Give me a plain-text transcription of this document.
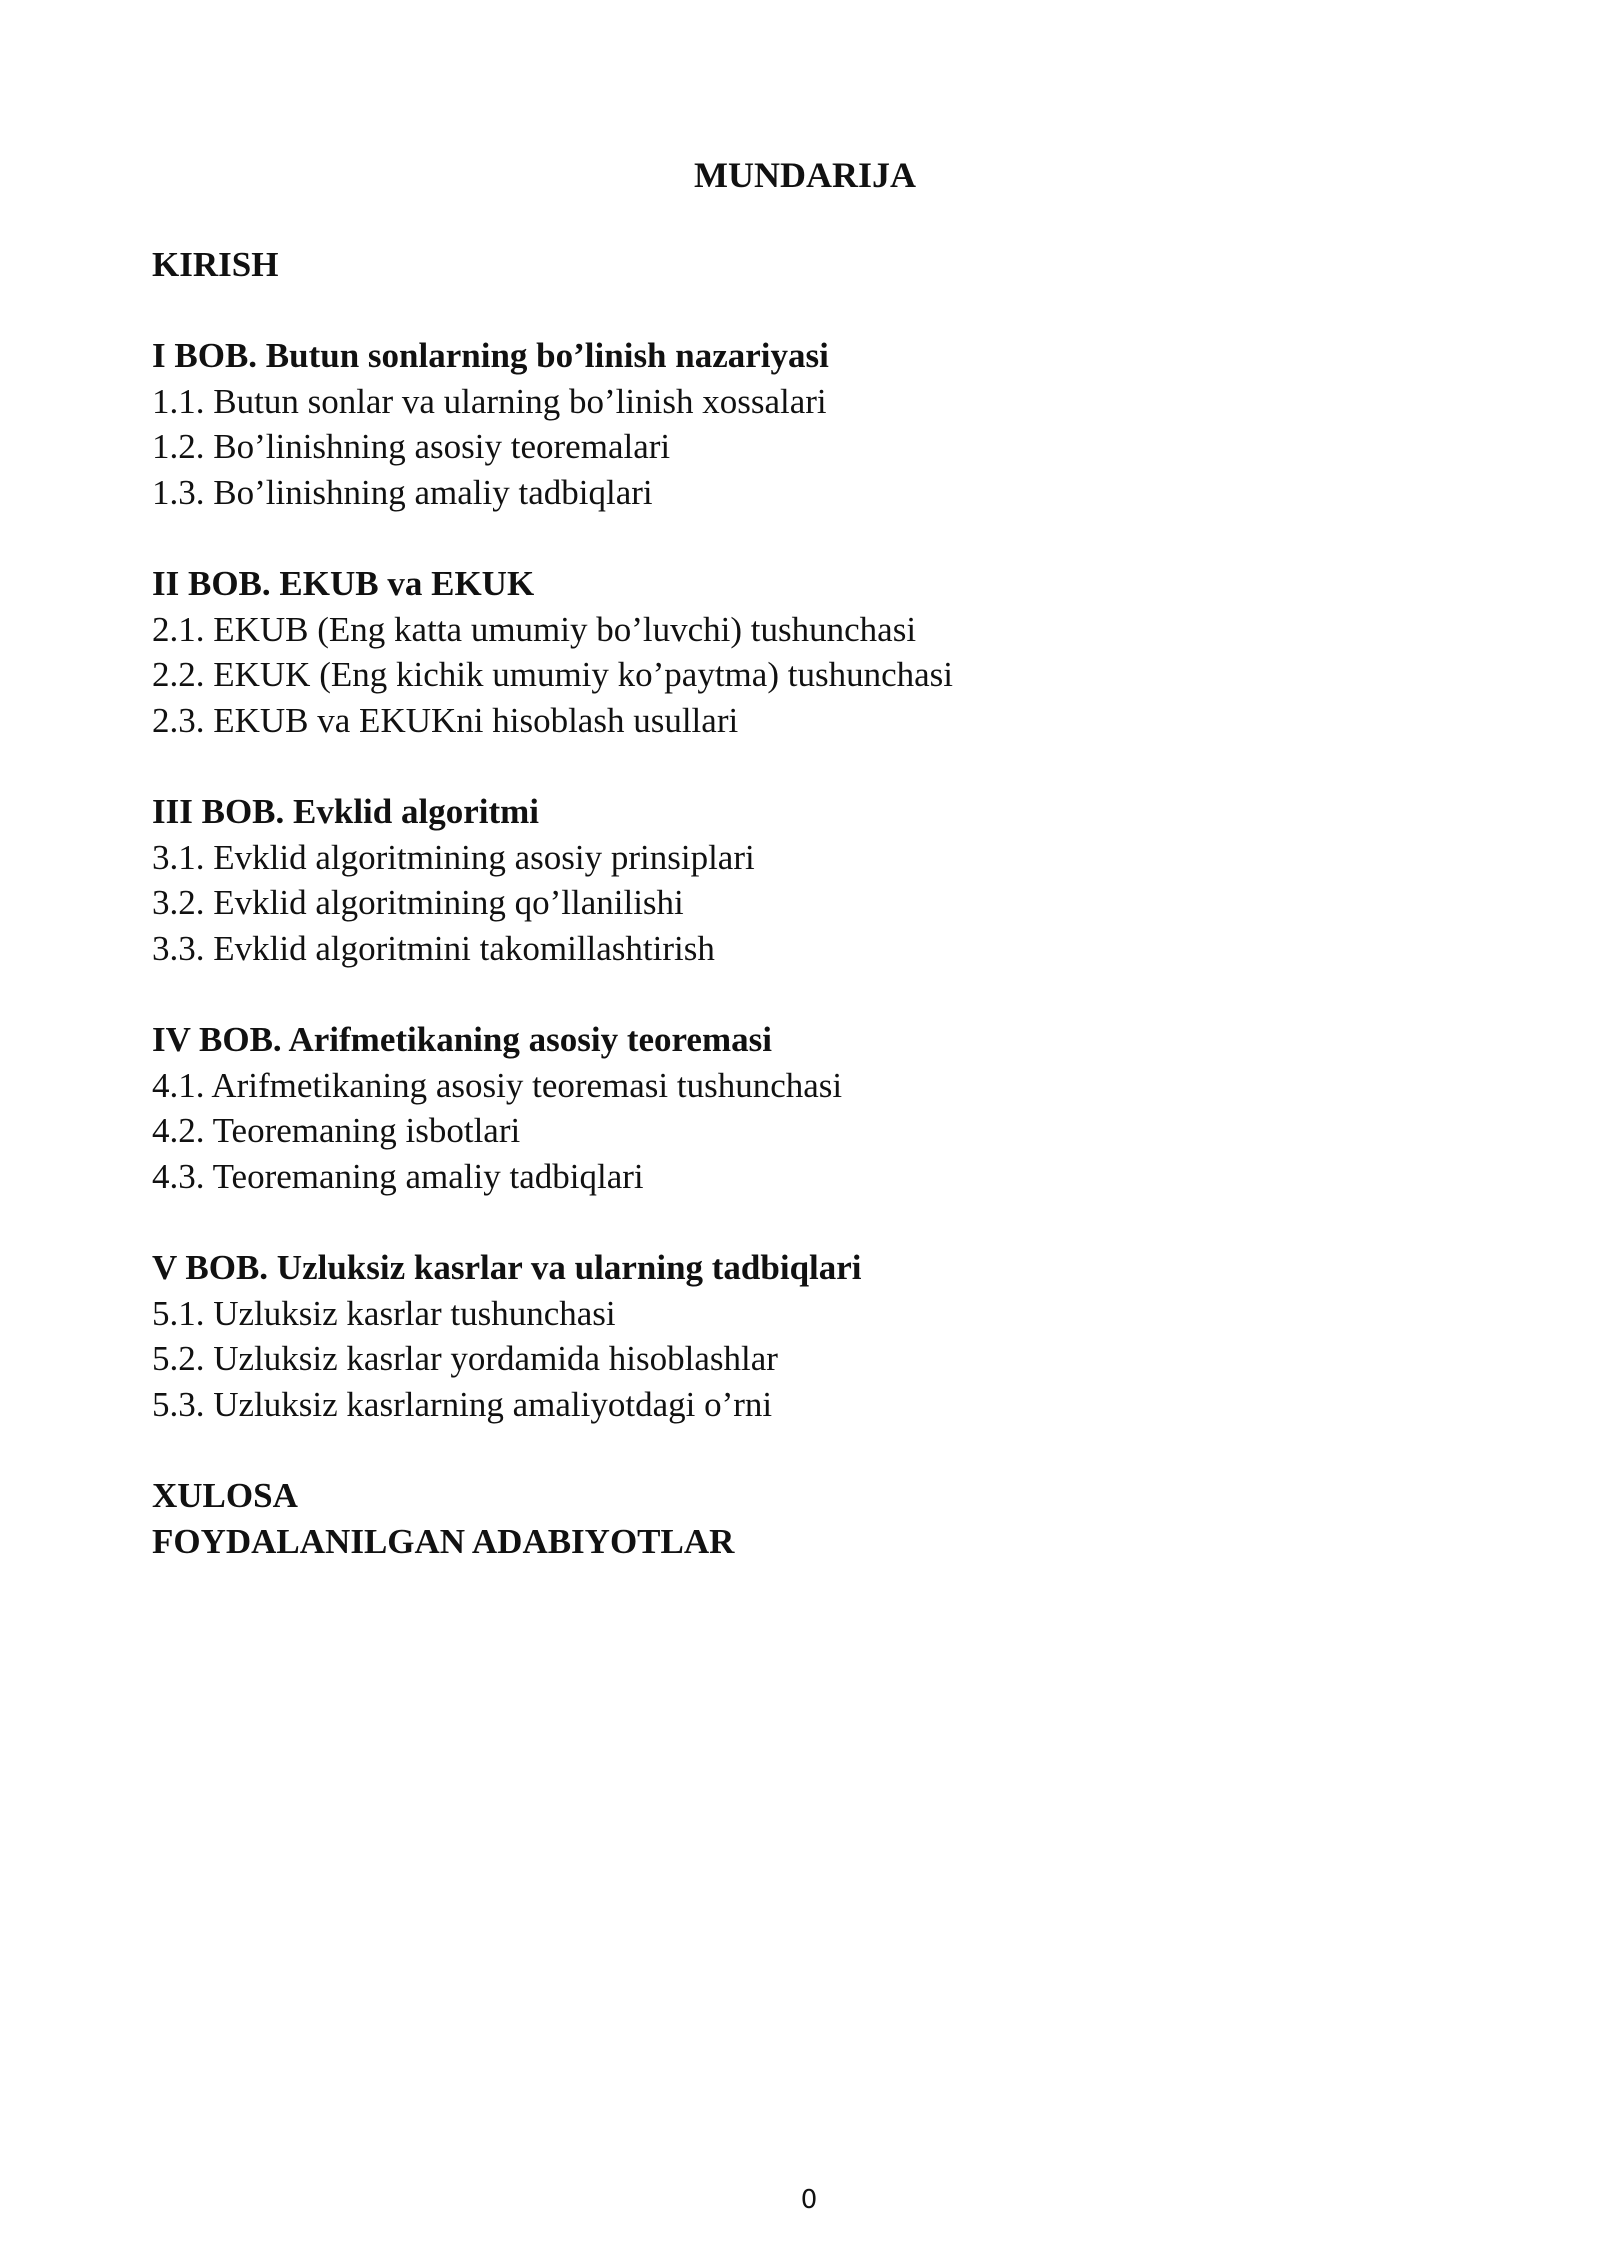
MUNDARIJA
KIRISH
I BOB. Butun sonlarning bo’linish nazariyasi
1.1. Butun sonlar va ularning bo’linish xossalari
1.2. Bo’linishning asosiy teoremalari
1.3. Bo’linishning amaliy tadbiqlari
II BOB. EKUB va EKUK
2.1. EKUB (Eng katta umumiy bo’luvchi) tushunchasi
2.2. EKUK (Eng kichik umumiy ko’paytma) tushunchasi
2.3. EKUB va EKUKni hisoblash usullari
III BOB. Evklid algoritmi
3.1. Evklid algoritmining asosiy prinsiplari
3.2. Evklid algoritmining qo’llanilishi
3.3. Evklid algoritmini takomillashtirish
IV BOB. Arifmetikaning asosiy teoremasi
4.1. Arifmetikaning asosiy teoremasi tushunchasi
4.2. Teoremaning isbotlari
4.3. Teoremaning amaliy tadbiqlari
V BOB. Uzluksiz kasrlar va ularning tadbiqlari
5.1. Uzluksiz kasrlar tushunchasi
5.2. Uzluksiz kasrlar yordamida hisoblashlar
5.3. Uzluksiz kasrlarning amaliyotdagi o’rni
XULOSA
FOYDALANILGAN ADABIYOTLAR
0
